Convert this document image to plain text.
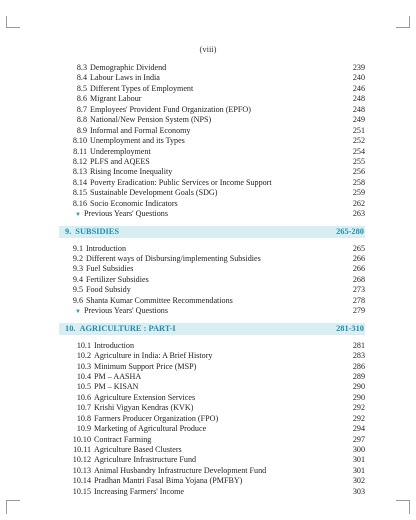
(viii)
8.3 Demographic Dividend	239
8.4 Labour Laws in India	240
8.5 Different Types of Employment	246
8.6 Migrant Labour	248
8.7 Employees' Provident Fund Organization (EPFO)	248
8.8 National/New Pension System (NPS)	249
8.9 Informal and Formal Economy	251
8.10 Unemployment and its Types	252
8.11 Underemployment	254
8.12 PLFS and AQEES	255
8.13 Rising Income Inequality	256
8.14 Poverty Eradication: Public Services or Income Support	258
8.15 Sustainable Development Goals (SDG)	259
8.16 Socio Economic Indicators	262
▼ Previous Years' Questions	263
9. SUBSIDIES	265-280
9.1 Introduction	265
9.2 Different ways of Disbursing/implementing Subsidies	266
9.3 Fuel Subsidies	266
9.4 Fertilizer Subsidies	268
9.5 Food Subsidy	273
9.6 Shanta Kumar Committee Recommendations	278
▼ Previous Years' Questions	279
10. AGRICULTURE : PART-I	281-310
10.1 Introduction	281
10.2 Agriculture in India: A Brief History	283
10.3 Minimum Support Price (MSP)	286
10.4 PM – AASHA	289
10.5 PM – KISAN	290
10.6 Agriculture Extension Services	290
10.7 Krishi Vigyan Kendras (KVK)	292
10.8 Farmers Producer Organization (FPO)	292
10.9 Marketing of Agricultural Produce	294
10.10 Contract Farming	297
10.11 Agriculture Based Clusters	300
10.12 Agriculture Infrastructure Fund	301
10.13 Animal Husbandry Infrastructure Development Fund	301
10.14 Pradhan Mantri Fasal Bima Yojana (PMFBY)	302
10.15 Increasing Farmers' Income	303
